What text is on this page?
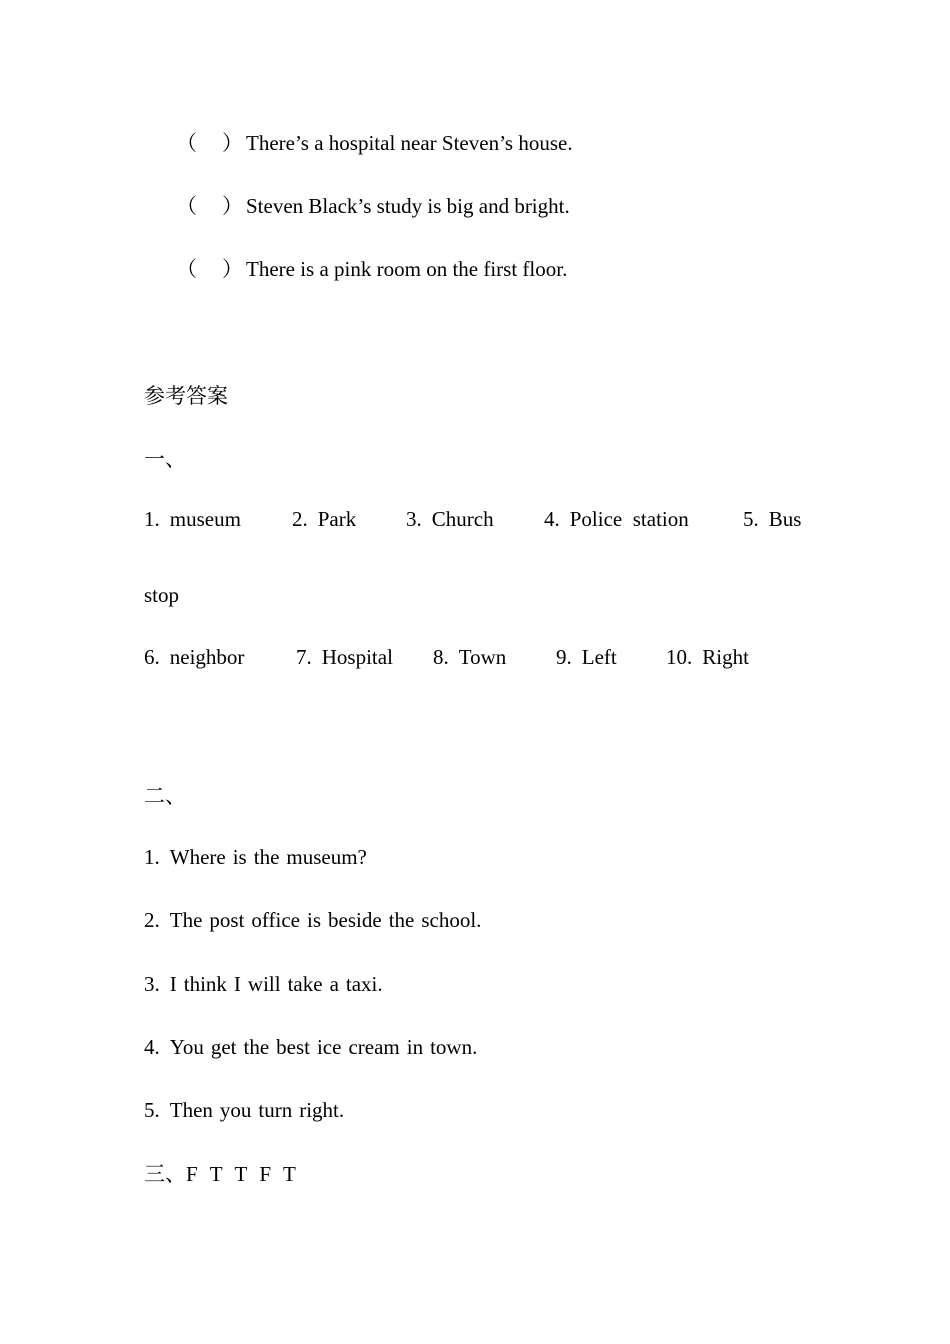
（ ） There’s a hospital near Steven’s house.
（ ） Steven Black’s study is big and bright.
（ ） There is a pink room on the first floor.
参考答案
一、
1. museum 2. Park 3. Church 4. Police  station	5. Bus
stop
6. neighbor 7. Hospital 8. Town 9. Left 10. Right
二、
1. Where is the museum?
2. The post office is beside the school.
3. I think I will take a taxi.
4. You get the best ice cream in town.
5. Then you turn right.
三、F T T F T
